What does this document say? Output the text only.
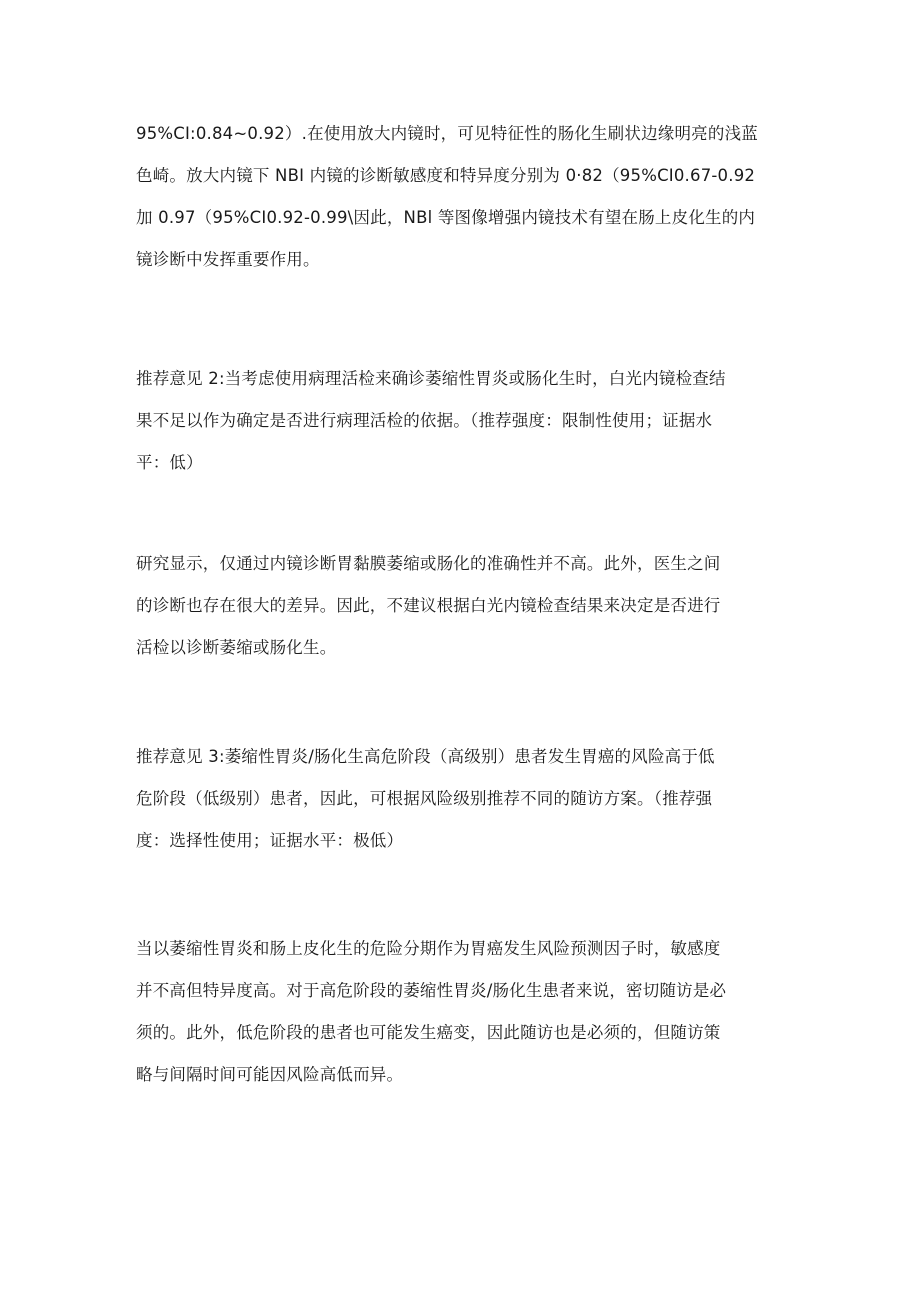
95%CI:0.84~0.92）.在使用放大内镜时，可见特征性的肠化生刷状边缘明亮的浅蓝
色崎。放大内镜下 NBI 内镜的诊断敏感度和特异度分别为 0·82（95%CI0.67-0.92
加 0.97（95%CI0.92-0.99\因此，NBl 等图像增强内镜技术有望在肠上皮化生的内
镜诊断中发挥重要作用。

推荐意见 2:当考虑使用病理活检来确诊萎缩性胃炎或肠化生时，白光内镜检查结
果不足以作为确定是否进行病理活检的依据。（推荐强度：限制性使用；证据水
平：低）

研究显示，仅通过内镜诊断胃黏膜萎缩或肠化的准确性并不高。此外，医生之间
的诊断也存在很大的差异。因此，不建议根据白光内镜检查结果来决定是否进行
活检以诊断萎缩或肠化生。

推荐意见 3:萎缩性胃炎/肠化生高危阶段（高级别）患者发生胃癌的风险高于低
危阶段（低级别）患者，因此，可根据风险级别推荐不同的随访方案。（推荐强
度：选择性使用；证据水平：极低）

当以萎缩性胃炎和肠上皮化生的危险分期作为胃癌发生风险预测因子时，敏感度
并不高但特异度高。对于高危阶段的萎缩性胃炎/肠化生患者来说，密切随访是必
须的。此外，低危阶段的患者也可能发生癌变，因此随访也是必须的，但随访策
略与间隔时间可能因风险高低而异。
